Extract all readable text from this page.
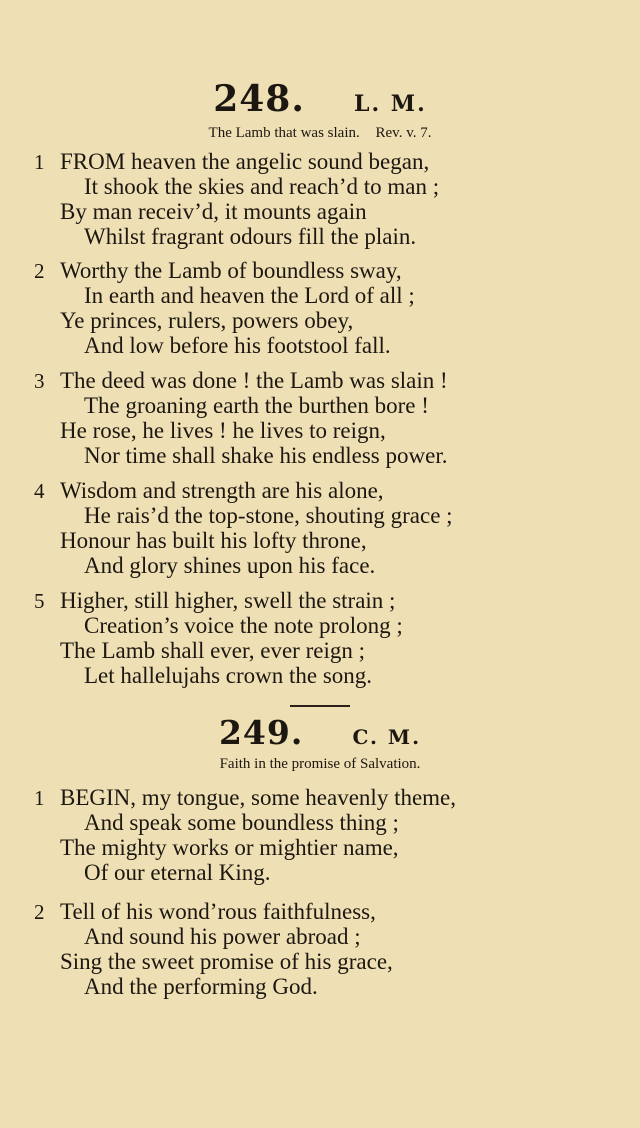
248. L. M.
The Lamb that was slain. Rev. v. 7.
1 FROM heaven the angelic sound began,
It shook the skies and reach’d to man ;
By man receiv’d, it mounts again
Whilst fragrant odours fill the plain.
2 Worthy the Lamb of boundless sway,
In earth and heaven the Lord of all ;
Ye princes, rulers, powers obey,
And low before his footstool fall.
3 The deed was done ! the Lamb was slain !
The groaning earth the burthen bore !
He rose, he lives ! he lives to reign,
Nor time shall shake his endless power.
4 Wisdom and strength are his alone,
He rais’d the top-stone, shouting grace ;
Honour has built his lofty throne,
And glory shines upon his face.
5 Higher, still higher, swell the strain ;
Creation’s voice the note prolong ;
The Lamb shall ever, ever reign ;
Let hallelujahs crown the song.
249. C. M.
Faith in the promise of Salvation.
1 BEGIN, my tongue, some heavenly theme,
And speak some boundless thing ;
The mighty works or mightier name,
Of our eternal King.
2 Tell of his wond’rous faithfulness,
And sound his power abroad ;
Sing the sweet promise of his grace,
And the performing God.
